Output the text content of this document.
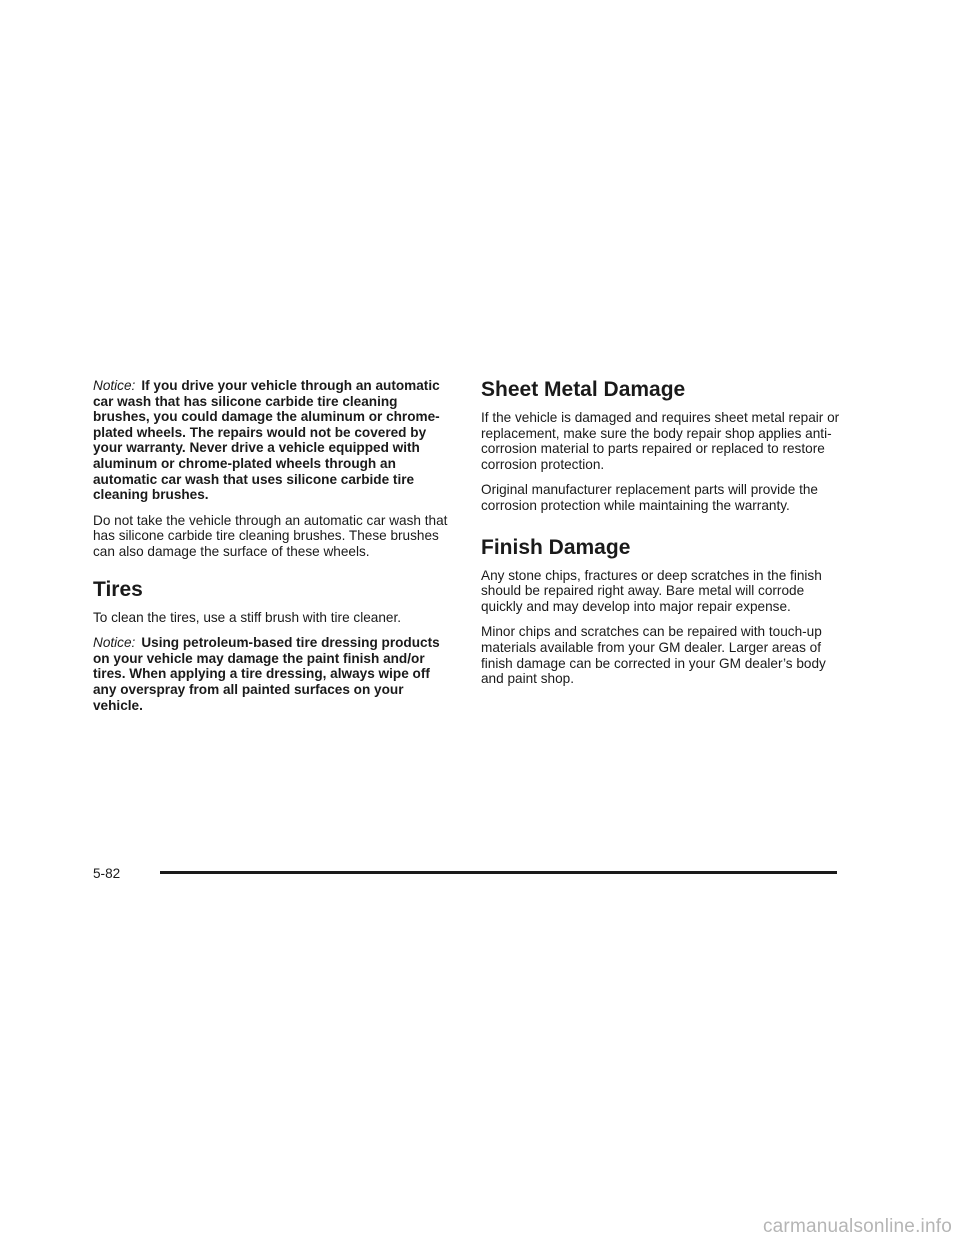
Notice: If you drive your vehicle through an automatic car wash that has silicone carbide tire cleaning brushes, you could damage the aluminum or chrome-plated wheels. The repairs would not be covered by your warranty. Never drive a vehicle equipped with aluminum or chrome-plated wheels through an automatic car wash that uses silicone carbide tire cleaning brushes.

Do not take the vehicle through an automatic car wash that has silicone carbide tire cleaning brushes. These brushes can also damage the surface of these wheels.

Tires

To clean the tires, use a stiff brush with tire cleaner.

Notice: Using petroleum-based tire dressing products on your vehicle may damage the paint finish and/or tires. When applying a tire dressing, always wipe off any overspray from all painted surfaces on your vehicle.

Sheet Metal Damage

If the vehicle is damaged and requires sheet metal repair or replacement, make sure the body repair shop applies anti-corrosion material to parts repaired or replaced to restore corrosion protection.

Original manufacturer replacement parts will provide the corrosion protection while maintaining the warranty.

Finish Damage

Any stone chips, fractures or deep scratches in the finish should be repaired right away. Bare metal will corrode quickly and may develop into major repair expense.

Minor chips and scratches can be repaired with touch-up materials available from your GM dealer. Larger areas of finish damage can be corrected in your GM dealer’s body and paint shop.

5-82
carmanualsonline.info
